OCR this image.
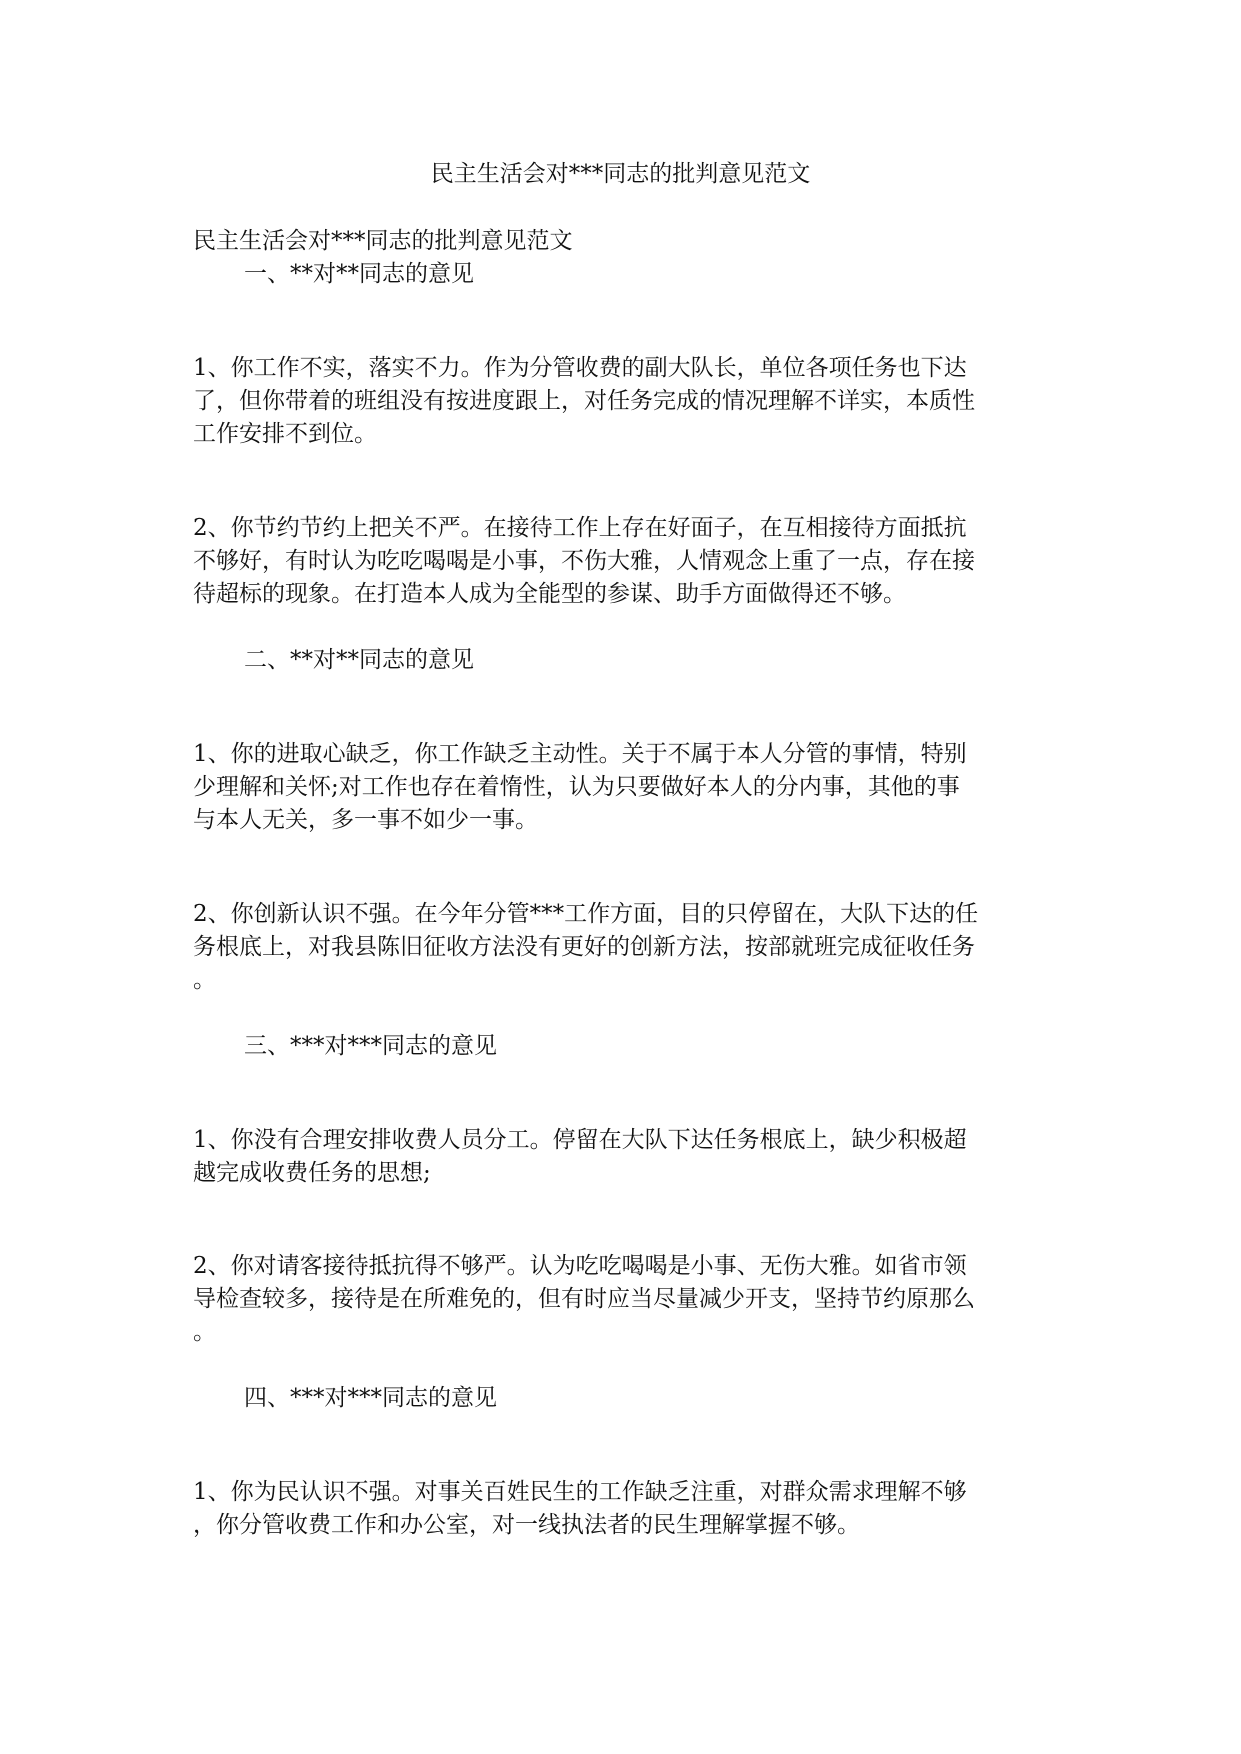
民主生活会对***同志的批判意见范文

民主生活会对***同志的批判意见范文

一、**对**同志的意见

1、你工作不实，落实不力。作为分管收费的副大队长，单位各项任务也下达
了，但你带着的班组没有按进度跟上，对任务完成的情况理解不详实，本质性
工作安排不到位。
2、你节约节约上把关不严。在接待工作上存在好面子，在互相接待方面抵抗
不够好，有时认为吃吃喝喝是小事，不伤大雅，人情观念上重了一点，存在接
待超标的现象。在打造本人成为全能型的参谋、助手方面做得还不够。

二、**对**同志的意见

1、你的进取心缺乏，你工作缺乏主动性。关于不属于本人分管的事情，特别
少理解和关怀;对工作也存在着惰性，认为只要做好本人的分内事，其他的事
与本人无关，多一事不如少一事。
2、你创新认识不强。在今年分管***工作方面，目的只停留在，大队下达的任
务根底上，对我县陈旧征收方法没有更好的创新方法，按部就班完成征收任务
。

三、***对***同志的意见

1、你没有合理安排收费人员分工。停留在大队下达任务根底上，缺少积极超
越完成收费任务的思想;
2、你对请客接待抵抗得不够严。认为吃吃喝喝是小事、无伤大雅。如省市领
导检查较多，接待是在所难免的，但有时应当尽量减少开支，坚持节约原那么
。

四、***对***同志的意见

1、你为民认识不强。对事关百姓民生的工作缺乏注重，对群众需求理解不够
，你分管收费工作和办公室，对一线执法者的民生理解掌握不够。
